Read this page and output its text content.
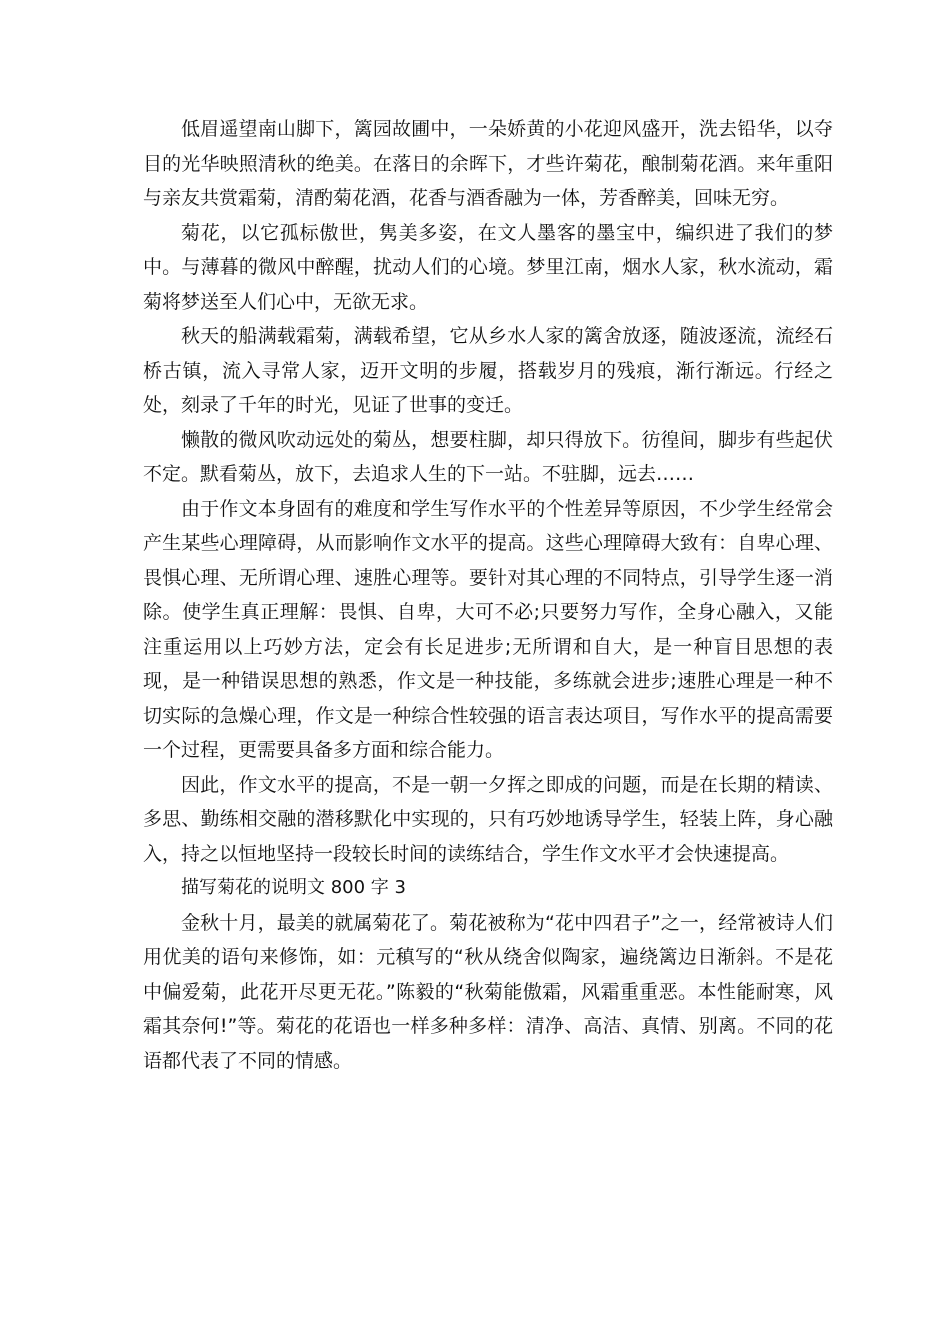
低眉遥望南山脚下，篱园故圃中，一朵娇黄的小花迎风盛开，洗去铅华，以夺目的光华映照清秋的绝美。在落日的余晖下，才些许菊花，酿制菊花酒。来年重阳与亲友共赏霜菊，清酌菊花酒，花香与酒香融为一体，芳香醉美，回味无穷。

菊花，以它孤标傲世，隽美多姿，在文人墨客的墨宝中，编织进了我们的梦中。与薄暮的微风中醉醒，扰动人们的心境。梦里江南，烟水人家，秋水流动，霜菊将梦送至人们心中，无欲无求。

秋天的船满载霜菊，满载希望，它从乡水人家的篱舍放逐，随波逐流，流经石桥古镇，流入寻常人家，迈开文明的步履，搭载岁月的残痕，渐行渐远。行经之处，刻录了千年的时光，见证了世事的变迁。

懒散的微风吹动远处的菊丛，想要柱脚，却只得放下。彷徨间，脚步有些起伏不定。默看菊丛，放下，去追求人生的下一站。不驻脚，远去……

由于作文本身固有的难度和学生写作水平的个性差异等原因，不少学生经常会产生某些心理障碍，从而影响作文水平的提高。这些心理障碍大致有：自卑心理、畏惧心理、无所谓心理、速胜心理等。要针对其心理的不同特点，引导学生逐一消除。使学生真正理解：畏惧、自卑，大可不必;只要努力写作，全身心融入，又能注重运用以上巧妙方法，定会有长足进步;无所谓和自大，是一种盲目思想的表现，是一种错误思想的熟悉，作文是一种技能，多练就会进步;速胜心理是一种不切实际的急燥心理，作文是一种综合性较强的语言表达项目，写作水平的提高需要一个过程，更需要具备多方面和综合能力。

因此，作文水平的提高，不是一朝一夕挥之即成的问题，而是在长期的精读、多思、勤练相交融的潜移默化中实现的，只有巧妙地诱导学生，轻装上阵，身心融入，持之以恒地坚持一段较长时间的读练结合，学生作文水平才会快速提高。

描写菊花的说明文 800 字 3

金秋十月，最美的就属菊花了。菊花被称为“花中四君子”之一，经常被诗人们用优美的语句来修饰，如：元稹写的“秋从绕舍似陶家，遍绕篱边日渐斜。不是花中偏爱菊，此花开尽更无花。”陈毅的“秋菊能傲霜，风霜重重恶。本性能耐寒，风霜其奈何!”等。菊花的花语也一样多种多样：清净、高洁、真情、别离。不同的花语都代表了不同的情感。
